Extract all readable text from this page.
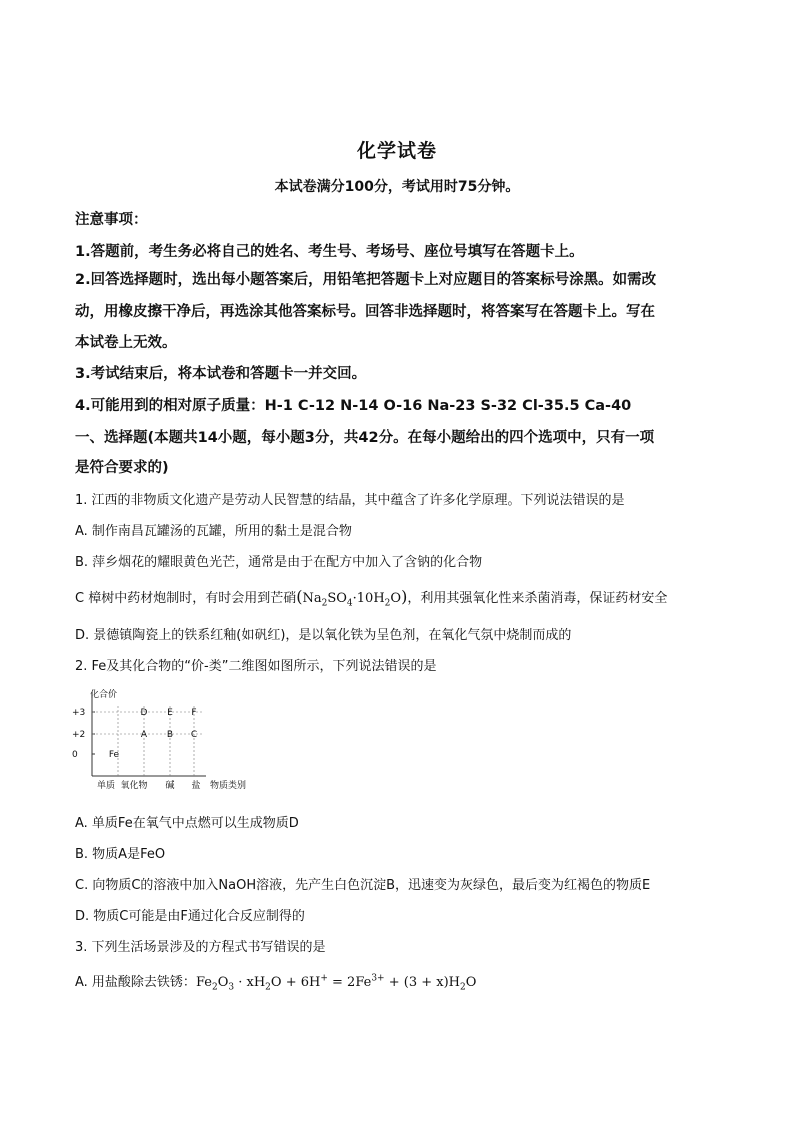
化学试卷
本试卷满分100分，考试用时75分钟。
注意事项：
1.答题前，考生务必将自己的姓名、考生号、考场号、座位号填写在答题卡上。
2.回答选择题时，选出每小题答案后，用铅笔把答题卡上对应题目的答案标号涂黑。如需改
动，用橡皮擦干净后，再选涂其他答案标号。回答非选择题时，将答案写在答题卡上。写在
本试卷上无效。
3.考试结束后，将本试卷和答题卡一并交回。
4.可能用到的相对原子质量：H-1 C-12 N-14 O-16 Na-23 S-32 Cl-35.5 Ca-40
一、选择题(本题共14小题，每小题3分，共42分。在每小题给出的四个选项中，只有一项
是符合要求的)
1. 江西的非物质文化遗产是劳动人民智慧的结晶，其中蕴含了许多化学原理。下列说法错误的是
A. 制作南昌瓦罐汤的瓦罐，所用的黏土是混合物
B. 萍乡烟花的耀眼黄色光芒，通常是由于在配方中加入了含钠的化合物
C 樟树中药材炮制时，有时会用到芒硝$(Na_2SO_4\cdot 10H_2O)$，利用其强氧化性来杀菌消毒，保证药材安全
D. 景德镇陶瓷上的铁系红釉(如矾红)，是以氧化铁为呈色剂，在氧化气氛中烧制而成的
2. Fe及其化合物的“价-类”二维图如图所示，下列说法错误的是
化合价
物质类别
+3
+2
0
单质 氧化物 碱 盐
Fe
A
D
B
E
C
F
A. 单质Fe在氧气中点燃可以生成物质D
B. 物质A是FeO
C. 向物质C的溶液中加入NaOH溶液，先产生白色沉淀B，迅速变为灰绿色，最后变为红褐色的物质E
D. 物质C可能是由F通过化合反应制得的
3. 下列生活场景涉及的方程式书写错误的是
A. 用盐酸除去铁锈：$Fe_2O_3 \cdot xH_2O + 6H^+ = 2Fe^{3+} + (3 + x)H_2O$
